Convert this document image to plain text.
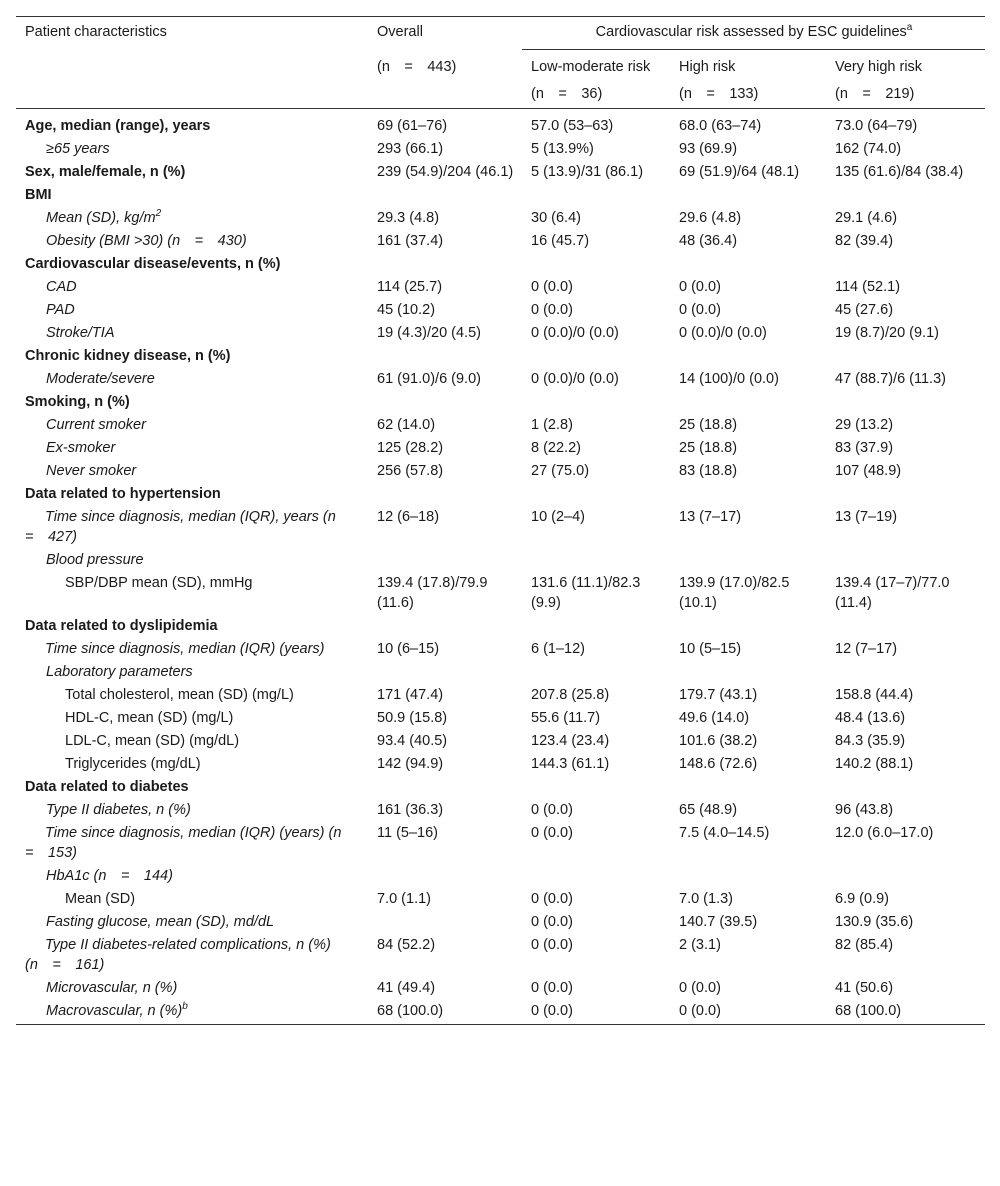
Patient characteristics	Overall	Cardiovascular risk assessed by ESC guidelines$^a$
	(n = 443)	Low-moderate risk	High risk	Very high risk
		(n = 36)	(n = 133)	(n = 219)
Age, median (range), years	69 (61–76)	57.0 (53–63)	68.0 (63–74)	73.0 (64–79)
≥65 years	293 (66.1)	5 (13.9%)	93 (69.9)	162 (74.0)
Sex, male/female, n (%)	239 (54.9)/204 (46.1)	5 (13.9)/31 (86.1)	69 (51.9)/64 (48.1)	135 (61.6)/84 (38.4)
BMI				
Mean (SD), $kg/m^2$	29.3 (4.8)	30 (6.4)	29.6 (4.8)	29.1 (4.6)
Obesity (BMI >30) (n = 430)	161 (37.4)	16 (45.7)	48 (36.4)	82 (39.4)
Cardiovascular disease/events, n (%)				
CAD	114 (25.7)	0 (0.0)	0 (0.0)	114 (52.1)
PAD	45 (10.2)	0 (0.0)	0 (0.0)	45 (27.6)
Stroke/TIA	19 (4.3)/20 (4.5)	0 (0.0)/0 (0.0)	0 (0.0)/0 (0.0)	19 (8.7)/20 (9.1)
Chronic kidney disease, n (%)				
Moderate/severe	61 (91.0)/6 (9.0)	0 (0.0)/0 (0.0)	14 (100)/0 (0.0)	47 (88.7)/6 (11.3)
Smoking, n (%)				
Current smoker	62 (14.0)	1 (2.8)	25 (18.8)	29 (13.2)
Ex-smoker	125 (28.2)	8 (22.2)	25 (18.8)	83 (37.9)
Never smoker	256 (57.8)	27 (75.0)	83 (18.8)	107 (48.9)
Data related to hypertension				
Time since diagnosis, median (IQR), years (n = 427)	12 (6–18)	10 (2–4)	13 (7–17)	13 (7–19)
Blood pressure				
SBP/DBP mean (SD), mmHg	139.4 (17.8)/79.9 (11.6)	131.6 (11.1)/82.3 (9.9)	139.9 (17.0)/82.5 (10.1)	139.4 (17–7)/77.0 (11.4)
Data related to dyslipidemia				
Time since diagnosis, median (IQR) (years)	10 (6–15)	6 (1–12)	10 (5–15)	12 (7–17)
Laboratory parameters				
Total cholesterol, mean (SD) (mg/L)	171 (47.4)	207.8 (25.8)	179.7 (43.1)	158.8 (44.4)
HDL-C, mean (SD) (mg/L)	50.9 (15.8)	55.6 (11.7)	49.6 (14.0)	48.4 (13.6)
LDL-C, mean (SD) (mg/dL)	93.4 (40.5)	123.4 (23.4)	101.6 (38.2)	84.3 (35.9)
Triglycerides (mg/dL)	142 (94.9)	144.3 (61.1)	148.6 (72.6)	140.2 (88.1)
Data related to diabetes				
Type II diabetes, n (%)	161 (36.3)	0 (0.0)	65 (48.9)	96 (43.8)
Time since diagnosis, median (IQR) (years) (n = 153)	11 (5–16)	0 (0.0)	7.5 (4.0–14.5)	12.0 (6.0–17.0)
HbA1c (n = 144)				
Mean (SD)	7.0 (1.1)	0 (0.0)	7.0 (1.3)	6.9 (0.9)
Fasting glucose, mean (SD), md/dL		0 (0.0)	140.7 (39.5)	130.9 (35.6)
Type II diabetes-related complications, n (%) (n = 161)	84 (52.2)	0 (0.0)	2 (3.1)	82 (85.4)
Microvascular, n (%)	41 (49.4)	0 (0.0)	0 (0.0)	41 (50.6)
Macrovascular, n (%)$^b$	68 (100.0)	0 (0.0)	0 (0.0)	68 (100.0)
